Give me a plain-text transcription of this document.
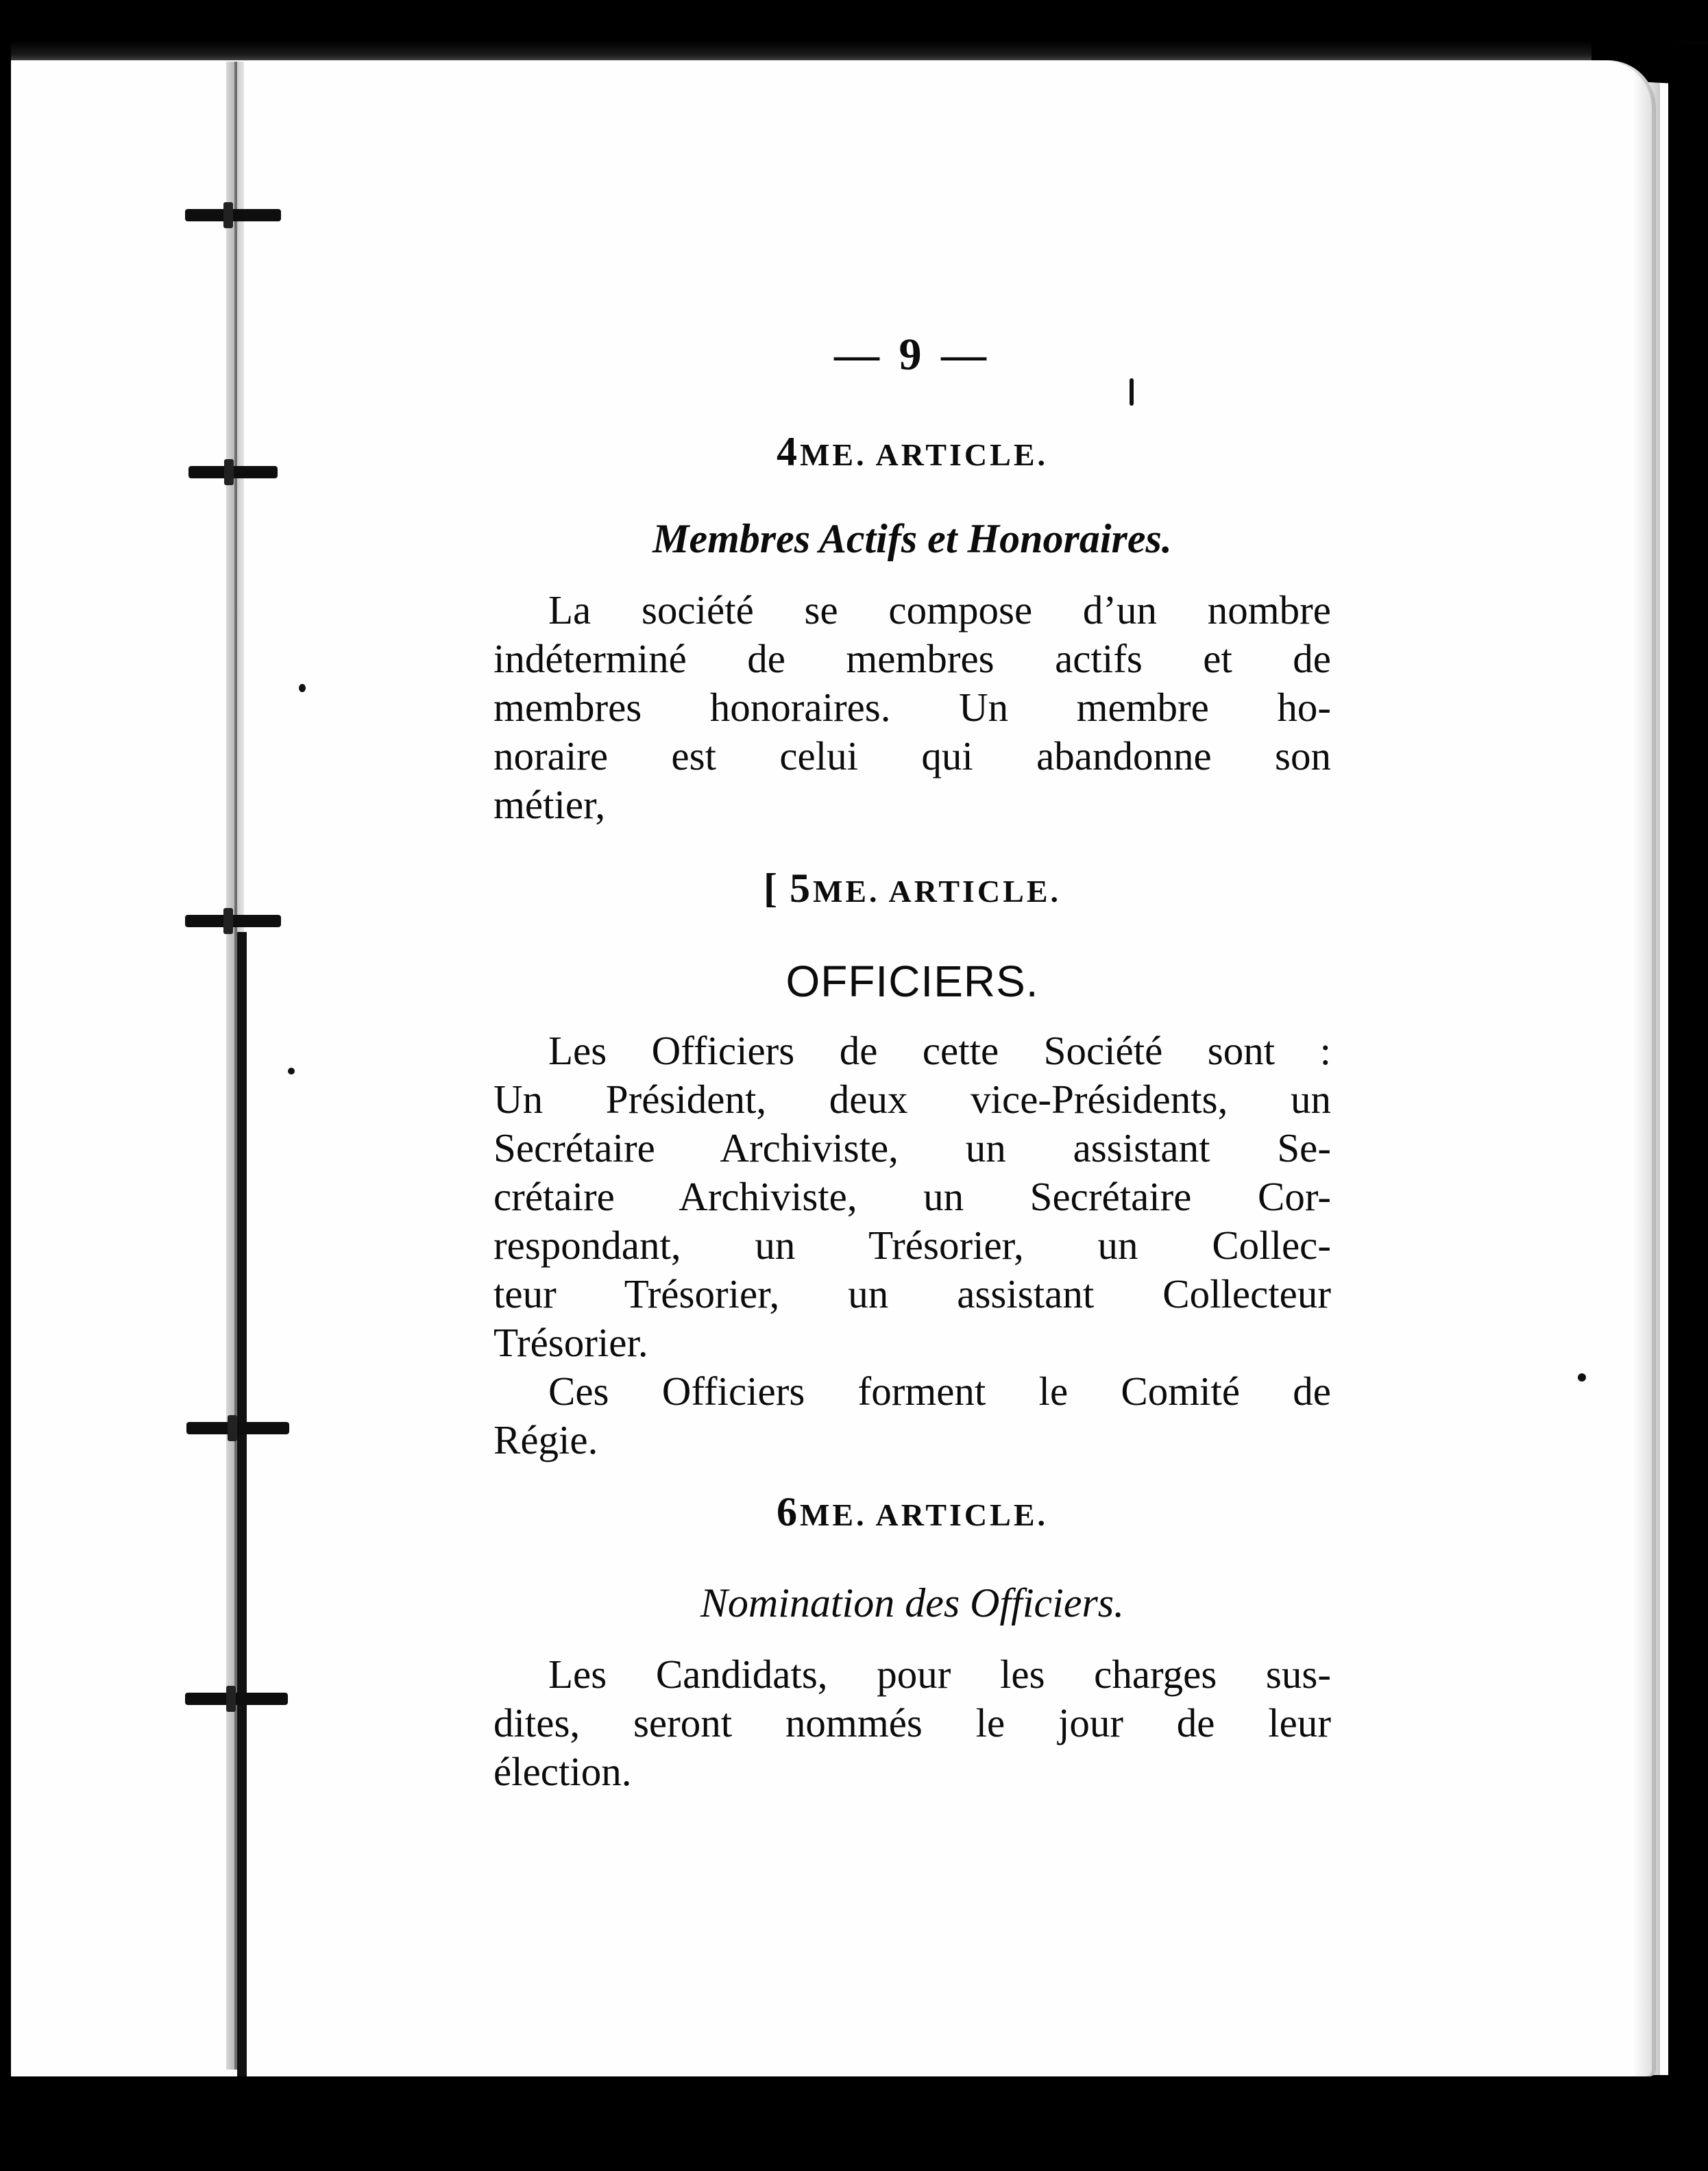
— 9 —
4ME. ARTICLE.
Membres Actifs et Honoraires.
La société se compose d’un nombre
indéterminé de membres actifs et de
membres honoraires. Un membre ho-
noraire est celui qui abandonne son
métier,
[ 5ME. ARTICLE.
OFFICIERS.
Les Officiers de cette Société sont :
Un Président, deux vice-Présidents, un
Secrétaire Archiviste, un assistant Se-
crétaire Archiviste, un Secrétaire Cor-
respondant, un Trésorier, un Collec-
teur Trésorier, un assistant Collecteur
Trésorier.
Ces Officiers forment le Comité de
Régie.
6ME. ARTICLE.
Nomination des Officiers.
Les Candidats, pour les charges sus-
dites, seront nommés le jour de leur
élection.
